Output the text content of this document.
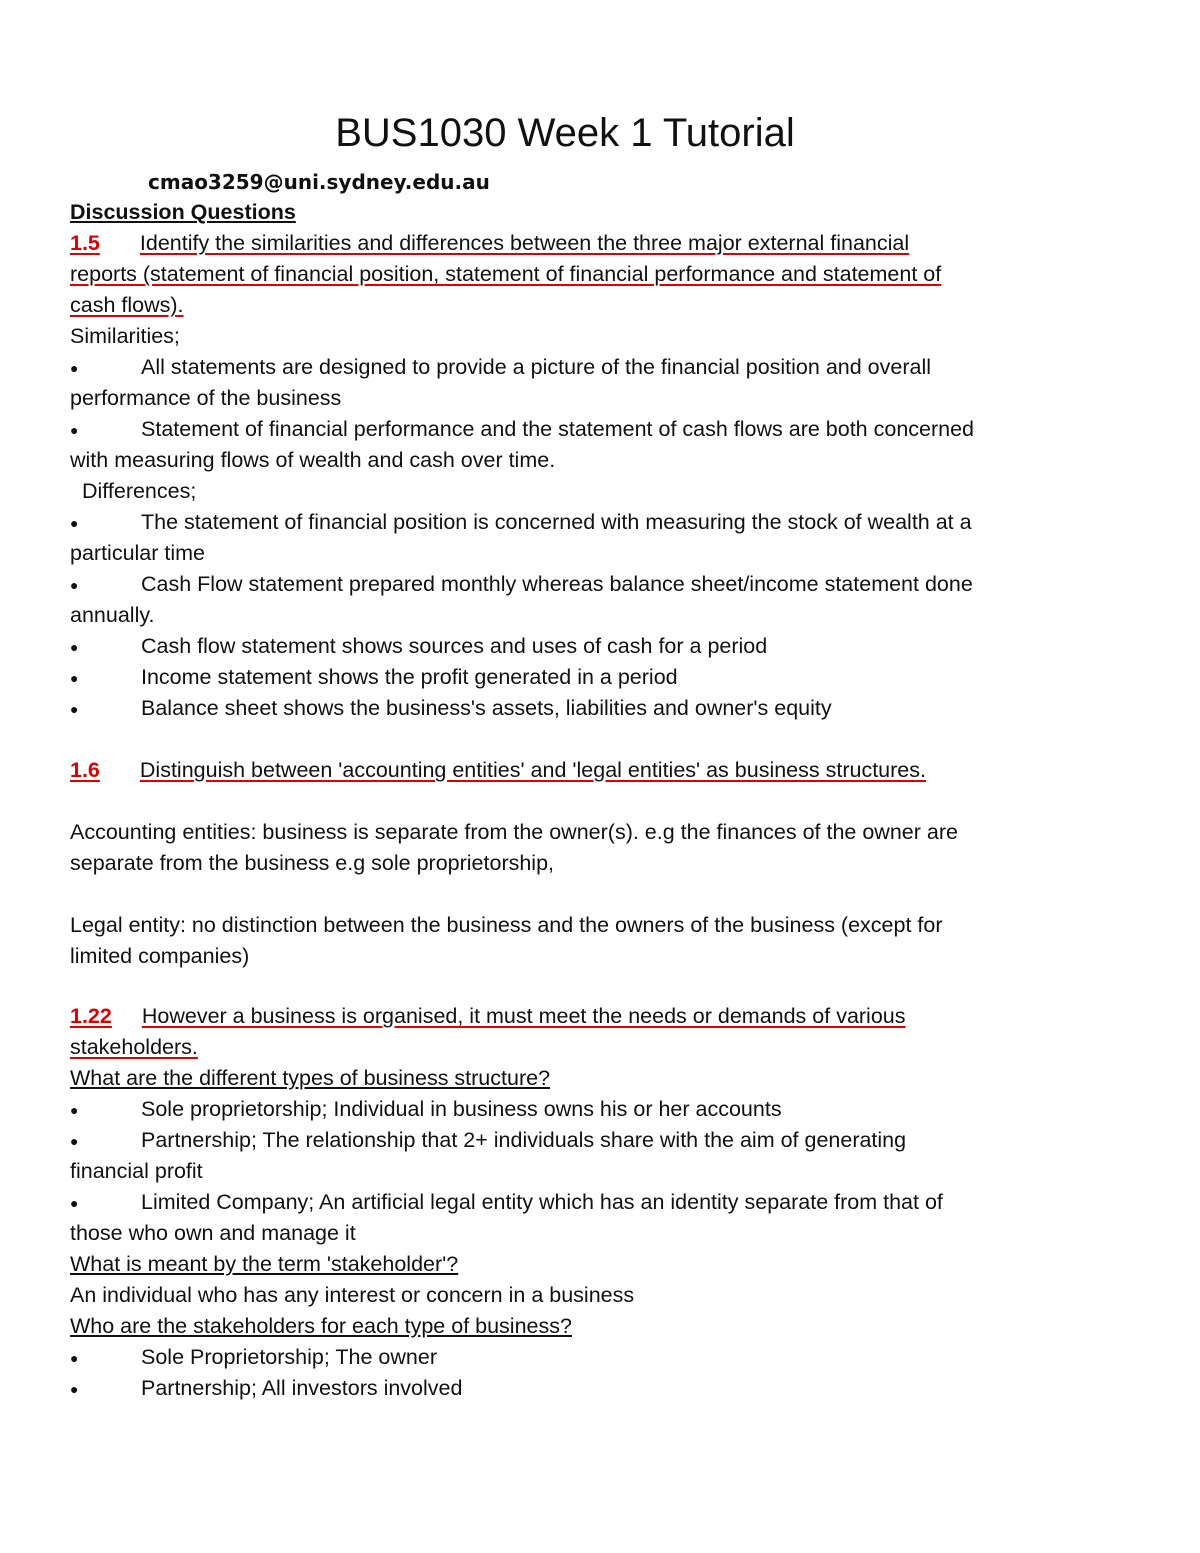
BUS1030 Week 1 Tutorial
cmao3259@uni.sydney.edu.au
Discussion Questions
1.5 Identify the similarities and differences between the three major external financial
reports (statement of financial position, statement of financial performance and statement of
cash flows).
Similarities;
●	All statements are designed to provide a picture of the financial position and overall
performance of the business
●	Statement of financial performance and the statement of cash flows are both concerned
with measuring flows of wealth and cash over time.
Differences;
●	The statement of financial position is concerned with measuring the stock of wealth at a
particular time
●	Cash Flow statement prepared monthly whereas balance sheet/income statement done
annually.
●	Cash flow statement shows sources and uses of cash for a period
●	Income statement shows the profit generated in a period
●	Balance sheet shows the business's assets, liabilities and owner's equity
1.6 Distinguish between 'accounting entities' and 'legal entities' as business structures.
Accounting entities: business is separate from the owner(s). e.g the finances of the owner are
separate from the business e.g sole proprietorship,
Legal entity: no distinction between the business and the owners of the business (except for
limited companies)
1.22 However a business is organised, it must meet the needs or demands of various
stakeholders.
What are the different types of business structure?
●	Sole proprietorship; Individual in business owns his or her accounts
●	Partnership; The relationship that 2+ individuals share with the aim of generating
financial profit
●	Limited Company; An artificial legal entity which has an identity separate from that of
those who own and manage it
What is meant by the term 'stakeholder'?
An individual who has any interest or concern in a business
Who are the stakeholders for each type of business?
●	Sole Proprietorship; The owner
●	Partnership; All investors involved
